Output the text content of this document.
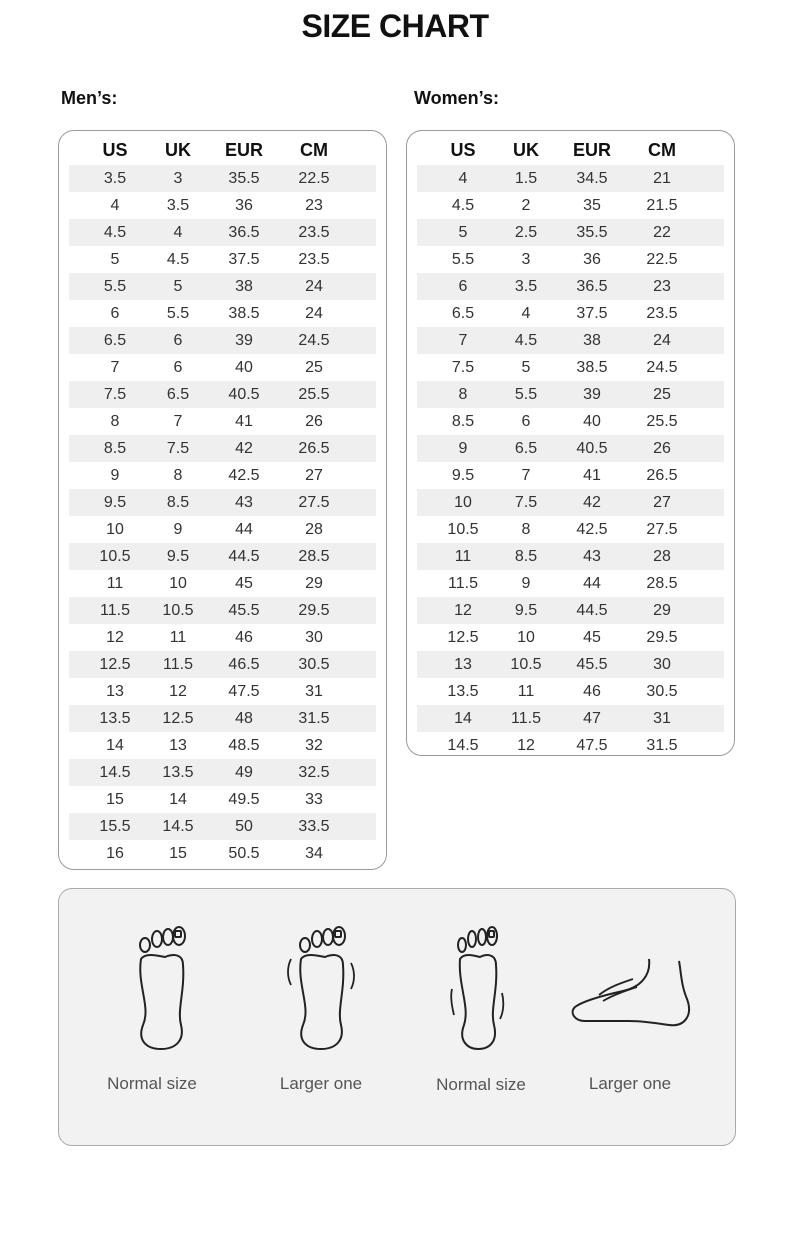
SIZE CHART
Men’s:	Women’s:
US	UK	EUR	CM
3.5	3	35.5	22.5
4	3.5	36	23
4.5	4	36.5	23.5
5	4.5	37.5	23.5
5.5	5	38	24
6	5.5	38.5	24
6.5	6	39	24.5
7	6	40	25
7.5	6.5	40.5	25.5
8	7	41	26
8.5	7.5	42	26.5
9	8	42.5	27
9.5	8.5	43	27.5
10	9	44	28
10.5	9.5	44.5	28.5
11	10	45	29
11.5	10.5	45.5	29.5
12	11	46	30
12.5	11.5	46.5	30.5
13	12	47.5	31
13.5	12.5	48	31.5
14	13	48.5	32
14.5	13.5	49	32.5
15	14	49.5	33
15.5	14.5	50	33.5
16	15	50.5	34
US	UK	EUR	CM
4	1.5	34.5	21
4.5	2	35	21.5
5	2.5	35.5	22
5.5	3	36	22.5
6	3.5	36.5	23
6.5	4	37.5	23.5
7	4.5	38	24
7.5	5	38.5	24.5
8	5.5	39	25
8.5	6	40	25.5
9	6.5	40.5	26
9.5	7	41	26.5
10	7.5	42	27
10.5	8	42.5	27.5
11	8.5	43	28
11.5	9	44	28.5
12	9.5	44.5	29
12.5	10	45	29.5
13	10.5	45.5	30
13.5	11	46	30.5
14	11.5	47	31
14.5	12	47.5	31.5
Normal size	Larger one	Normal size	Larger one
